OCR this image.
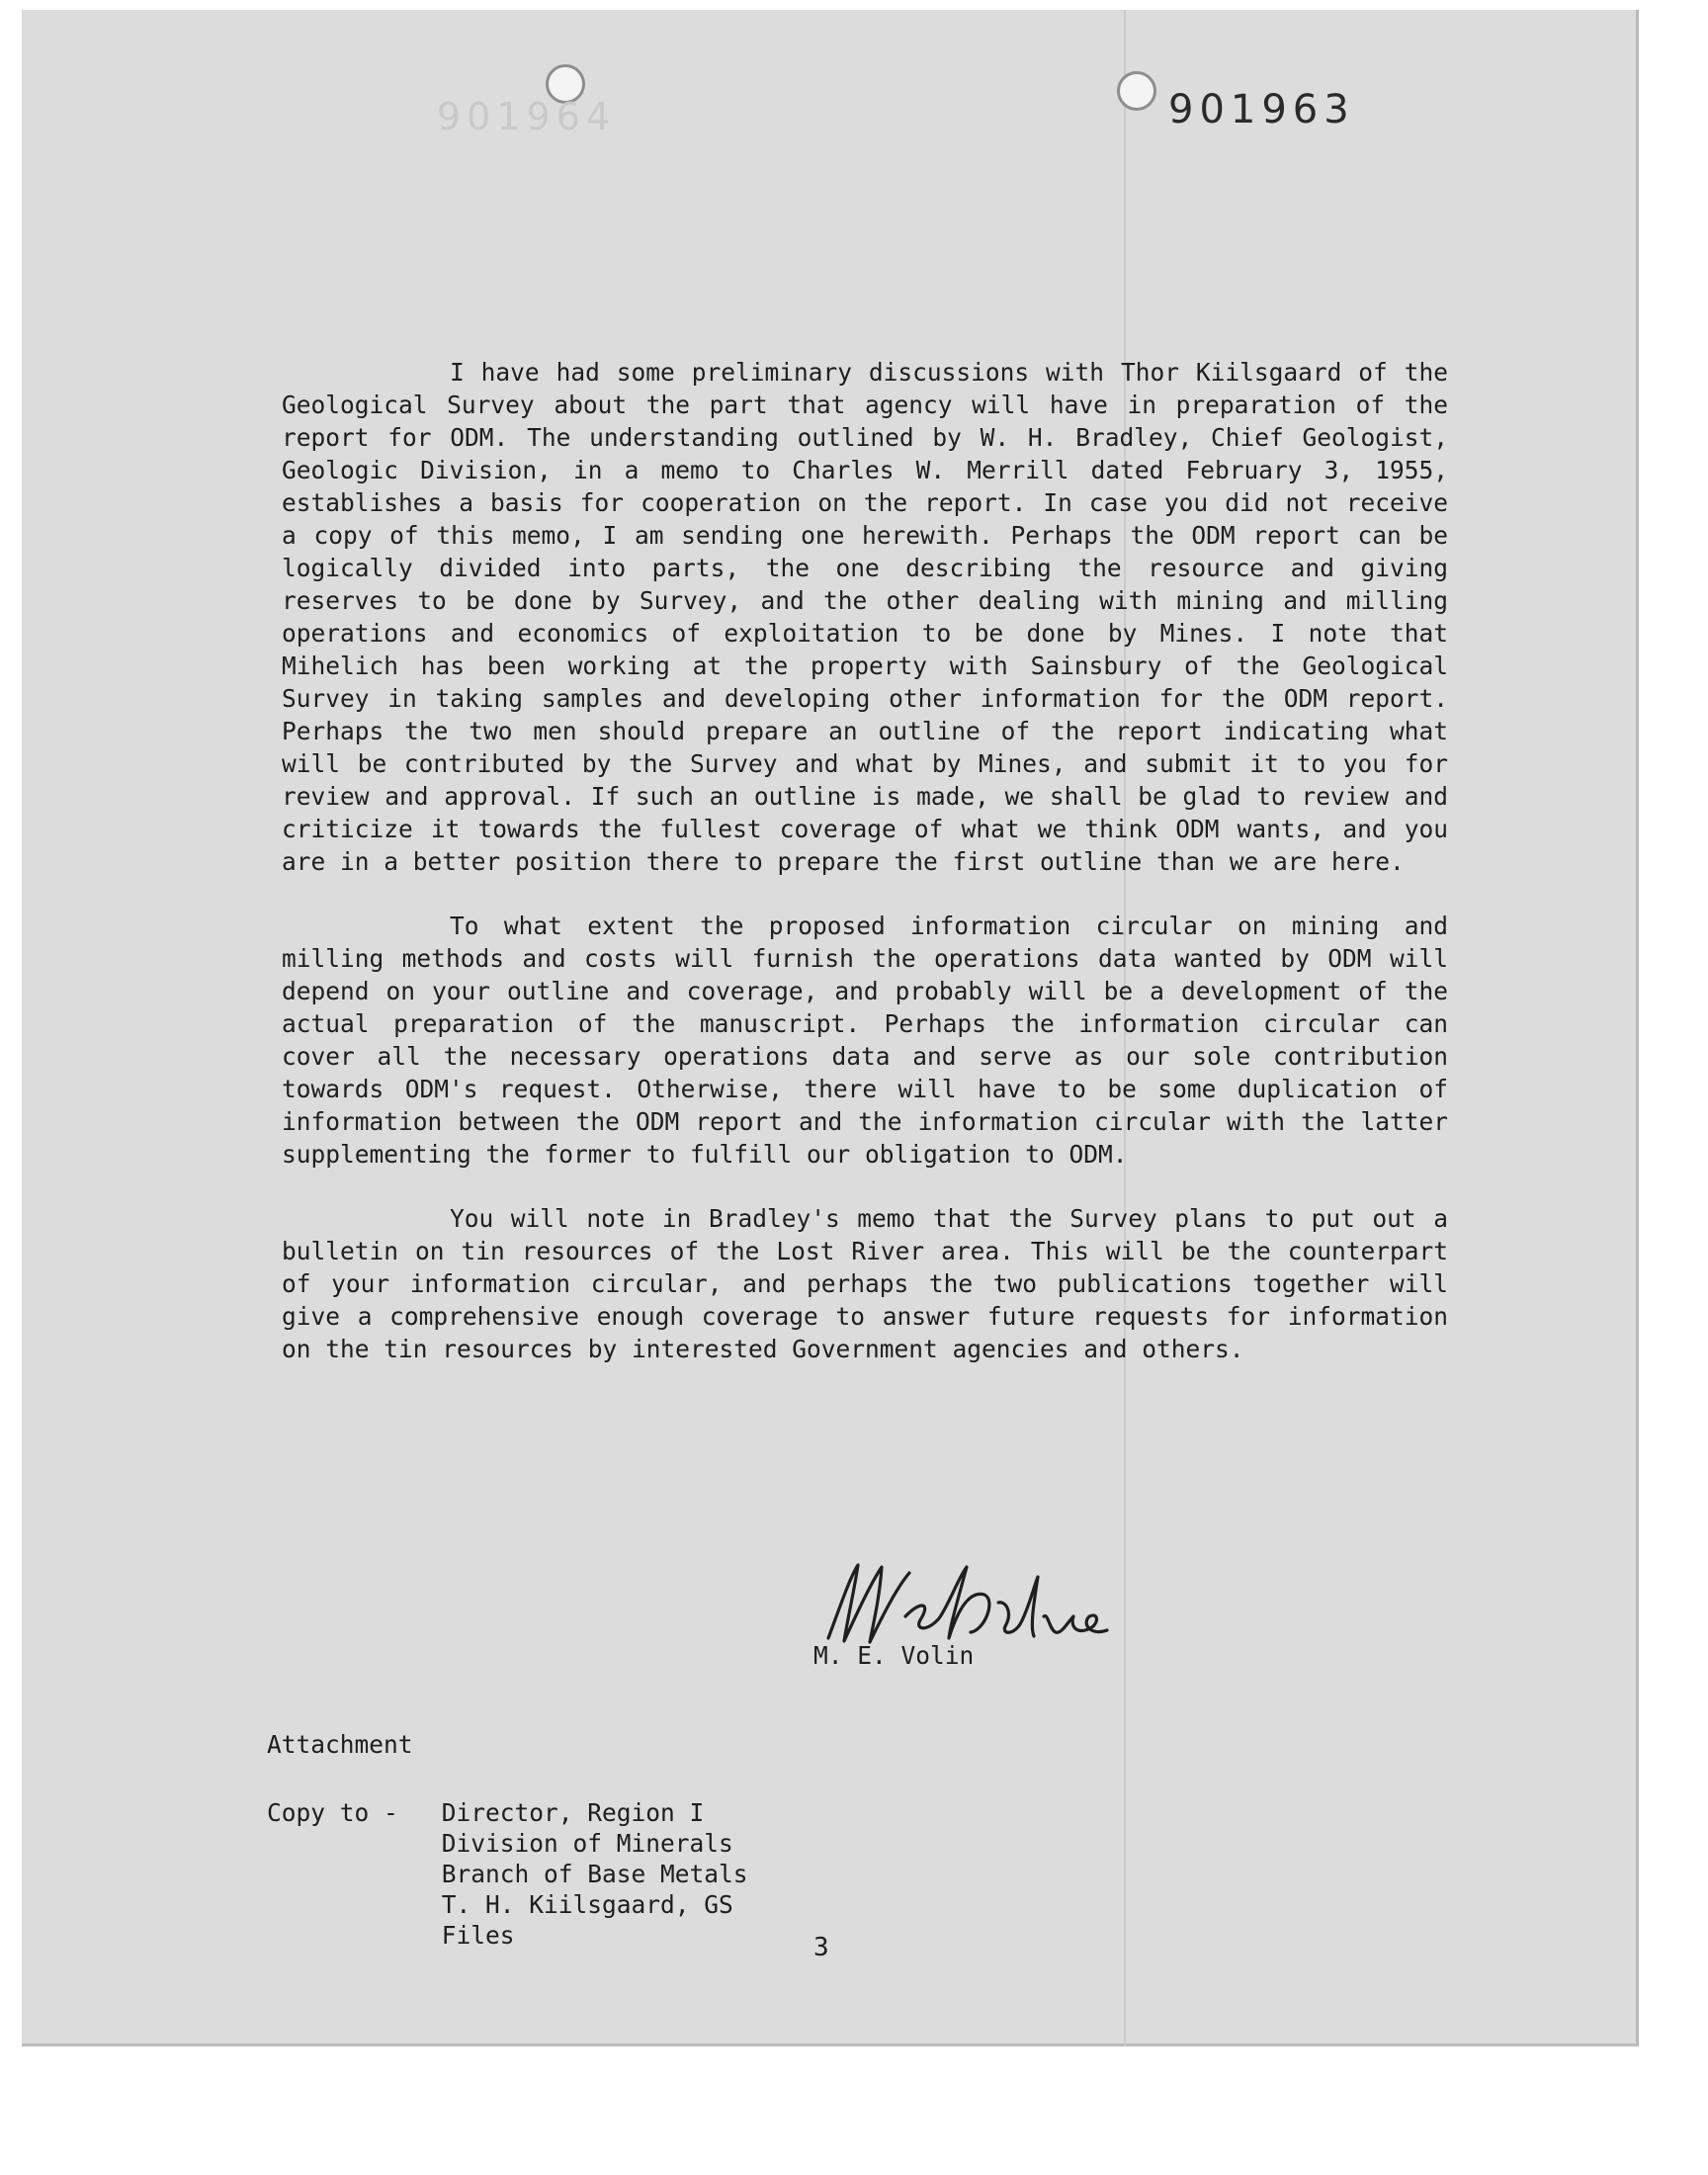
901964	901963

I have had some preliminary discussions with Thor Kiilsgaard of the Geological Survey about the part that agency will have in preparation of the report for ODM. The understanding outlined by W. H. Bradley, Chief Geologist, Geologic Division, in a memo to Charles W. Merrill dated February 3, 1955, establishes a basis for cooperation on the report. In case you did not receive a copy of this memo, I am sending one herewith. Perhaps the ODM report can be logically divided into parts, the one describing the resource and giving reserves to be done by Survey, and the other dealing with mining and milling operations and economics of exploitation to be done by Mines. I note that Mihelich has been working at the property with Sainsbury of the Geological Survey in taking samples and developing other information for the ODM report. Perhaps the two men should prepare an outline of the report indicating what will be contributed by the Survey and what by Mines, and submit it to you for review and approval. If such an outline is made, we shall be glad to review and criticize it towards the fullest coverage of what we think ODM wants, and you are in a better position there to prepare the first outline than we are here.

To what extent the proposed information circular on mining and milling methods and costs will furnish the operations data wanted by ODM will depend on your outline and coverage, and probably will be a development of the actual preparation of the manuscript. Perhaps the information circular can cover all the necessary operations data and serve as our sole contribution towards ODM's request. Otherwise, there will have to be some duplication of information between the ODM report and the information circular with the latter supplementing the former to fulfill our obligation to ODM.

You will note in Bradley's memo that the Survey plans to put out a bulletin on tin resources of the Lost River area. This will be the counterpart of your information circular, and perhaps the two publications together will give a comprehensive enough coverage to answer future requests for information on the tin resources by interested Government agencies and others.

M. E. Volin
Attachment
Copy to - Director, Region I
Division of Minerals
Branch of Base Metals
T. H. Kiilsgaard, GS
Files	3
